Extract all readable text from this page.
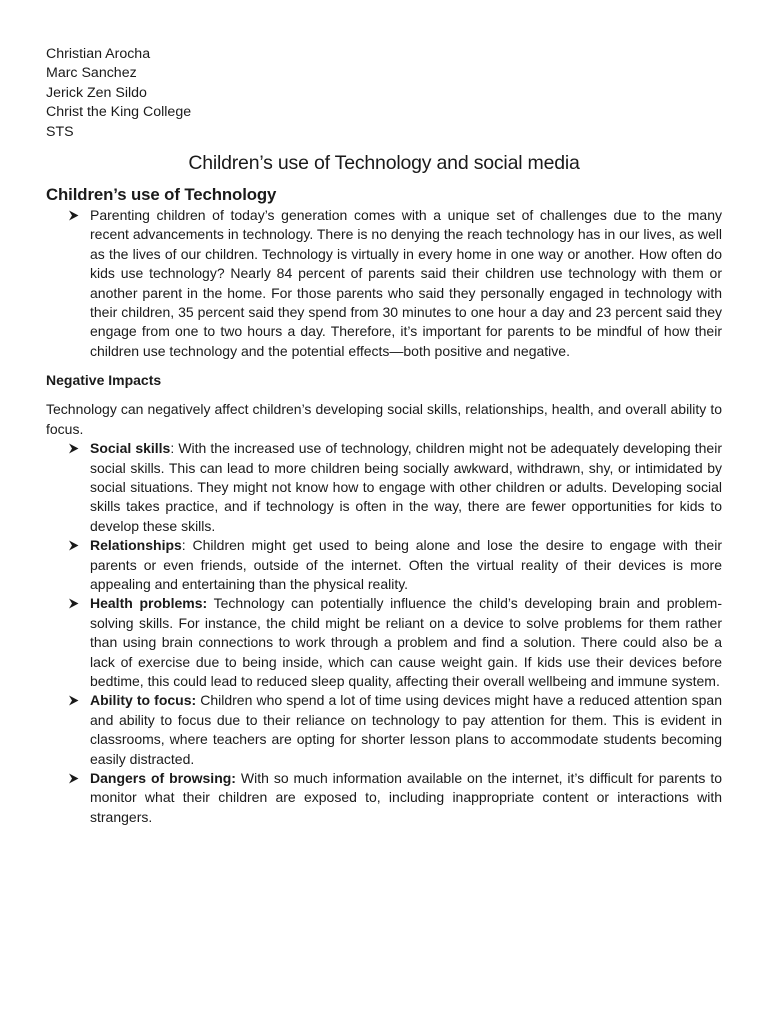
Christian Arocha
Marc Sanchez
Jerick Zen Sildo
Christ the King College
STS
Children’s use of Technology and social media
Children’s use of Technology
Parenting children of today’s generation comes with a unique set of challenges due to the many recent advancements in technology. There is no denying the reach technology has in our lives, as well as the lives of our children. Technology is virtually in every home in one way or another. How often do kids use technology? Nearly 84 percent of parents said their children use technology with them or another parent in the home. For those parents who said they personally engaged in technology with their children, 35 percent said they spend from 30 minutes to one hour a day and 23 percent said they engage from one to two hours a day. Therefore, it’s important for parents to be mindful of how their children use technology and the potential effects—both positive and negative.
Negative Impacts
Technology can negatively affect children’s developing social skills, relationships, health, and overall ability to focus.
Social skills: With the increased use of technology, children might not be adequately developing their social skills. This can lead to more children being socially awkward, withdrawn, shy, or intimidated by social situations. They might not know how to engage with other children or adults. Developing social skills takes practice, and if technology is often in the way, there are fewer opportunities for kids to develop these skills.
Relationships: Children might get used to being alone and lose the desire to engage with their parents or even friends, outside of the internet. Often the virtual reality of their devices is more appealing and entertaining than the physical reality.
Health problems: Technology can potentially influence the child’s developing brain and problem-solving skills. For instance, the child might be reliant on a device to solve problems for them rather than using brain connections to work through a problem and find a solution. There could also be a lack of exercise due to being inside, which can cause weight gain. If kids use their devices before bedtime, this could lead to reduced sleep quality, affecting their overall wellbeing and immune system.
Ability to focus: Children who spend a lot of time using devices might have a reduced attention span and ability to focus due to their reliance on technology to pay attention for them. This is evident in classrooms, where teachers are opting for shorter lesson plans to accommodate students becoming easily distracted.
Dangers of browsing: With so much information available on the internet, it’s difficult for parents to monitor what their children are exposed to, including inappropriate content or interactions with strangers.
